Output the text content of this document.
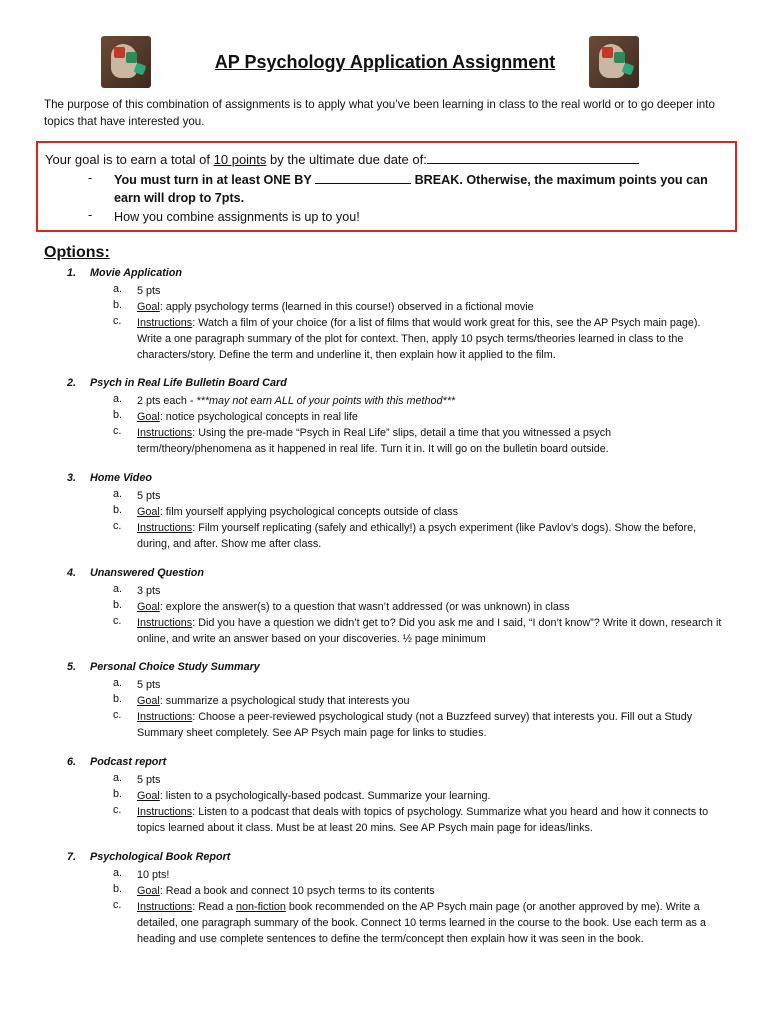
AP Psychology Application Assignment
The purpose of this combination of assignments is to apply what you’ve been learning in class to the real world or to go deeper into topics that have interested you.
Your goal is to earn a total of 10 points by the ultimate due date of:
- You must turn in at least ONE BY	BREAK. Otherwise, the maximum points you can earn will drop to 7pts.
- How you combine assignments is up to you!
Options:
1. Movie Application
a. 5 pts
b. Goal: apply psychology terms (learned in this course!) observed in a fictional movie
c. Instructions: Watch a film of your choice (for a list of films that would work great for this, see the AP Psych main page). Write a one paragraph summary of the plot for context. Then, apply 10 psych terms/theories learned in class to the characters/story. Define the term and underline it, then explain how it applied to the film.
2. Psych in Real Life Bulletin Board Card
a. 2 pts each - ***may not earn ALL of your points with this method***
b. Goal: notice psychological concepts in real life
c. Instructions: Using the pre-made “Psych in Real Life” slips, detail a time that you witnessed a psych term/theory/phenomena as it happened in real life. Turn it in. It will go on the bulletin board outside.
3. Home Video
a. 5 pts
b. Goal: film yourself applying psychological concepts outside of class
c. Instructions: Film yourself replicating (safely and ethically!) a psych experiment (like Pavlov’s dogs). Show the before, during, and after. Show me after class.
4. Unanswered Question
a. 3 pts
b. Goal: explore the answer(s) to a question that wasn’t addressed (or was unknown) in class
c. Instructions: Did you have a question we didn’t get to? Did you ask me and I said, “I don’t know”? Write it down, research it online, and write an answer based on your discoveries. ½ page minimum
5. Personal Choice Study Summary
a. 5 pts
b. Goal: summarize a psychological study that interests you
c. Instructions: Choose a peer-reviewed psychological study (not a Buzzfeed survey) that interests you. Fill out a Study Summary sheet completely. See AP Psych main page for links to studies.
6. Podcast report
a. 5 pts
b. Goal: listen to a psychologically-based podcast. Summarize your learning.
c. Instructions: Listen to a podcast that deals with topics of psychology. Summarize what you heard and how it connects to topics learned about it class. Must be at least 20 mins. See AP Psych main page for ideas/links.
7. Psychological Book Report
a. 10 pts!
b. Goal: Read a book and connect 10 psych terms to its contents
c. Instructions: Read a non-fiction book recommended on the AP Psych main page (or another approved by me). Write a detailed, one paragraph summary of the book. Connect 10 terms learned in the course to the book. Use each term as a heading and use complete sentences to define the term/concept then explain how it was seen in the book.
